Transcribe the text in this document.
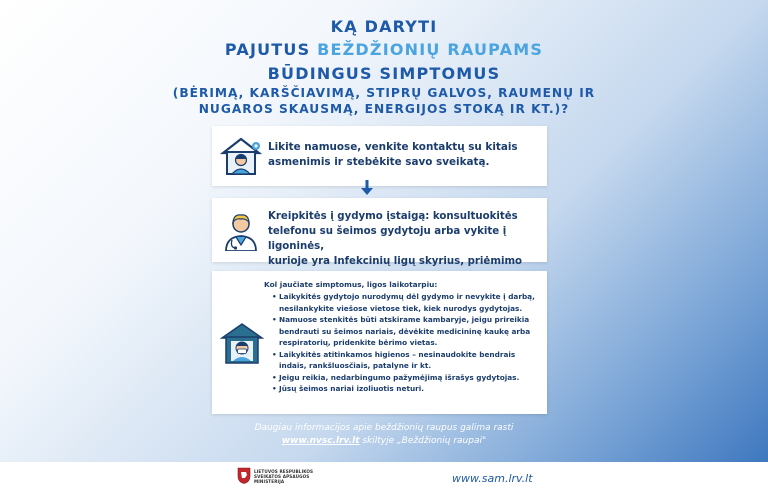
KĄ DARYTI
PAJUTUS BEŽDŽIONIŲ RAUPAMS
BŪDINGUS SIMPTOMUS
(BĖRIMĄ, KARŠČIAVIMĄ, STIPRŲ GALVOS, RAUMENŲ IR
NUGAROS SKAUSMĄ, ENERGIJOS STOKĄ IR KT.)?
Likite namuose, venkite kontaktų su kitais
asmenimis ir stebėkite savo sveikatą.
Kreipkitės į gydymo įstaigą: konsultuokitės
telefonu su šeimos gydytoju arba vykite į ligoninės,
kurioje yra Infekcinių ligų skyrius, priėmimo
Kol jaučiate simptomus, ligos laikotarpiu:
• Laikykitės gydytojo nurodymų dėl gydymo ir nevykite į darbą,
nesilankykite viešose vietose tiek, kiek nurodys gydytojas.
• Namuose stenkitės būti atskirame kambaryje, jeigu prireikia
bendrauti su šeimos nariais, dėvėkite medicininę kaukę arba
respiratorių, pridenkite bėrimo vietas.
• Laikykitės atitinkamos higienos – nesinaudokite bendrais
indais, rankšluosčiais, patalyne ir kt.
• Jeigu reikia, nedarbingumo pažymėjimą išrašys gydytojas.
• Jūsų šeimos nariai izoliuotis neturi.
Daugiau informacijos apie beždžionių raupus galima rasti
www.nvsc.lrv.lt skiltyje „Beždžionių raupai"
LIETUVOS RESPUBLIKOS
SVEIKATOS APSAUGOS MINISTERIJA	www.sam.lrv.lt
